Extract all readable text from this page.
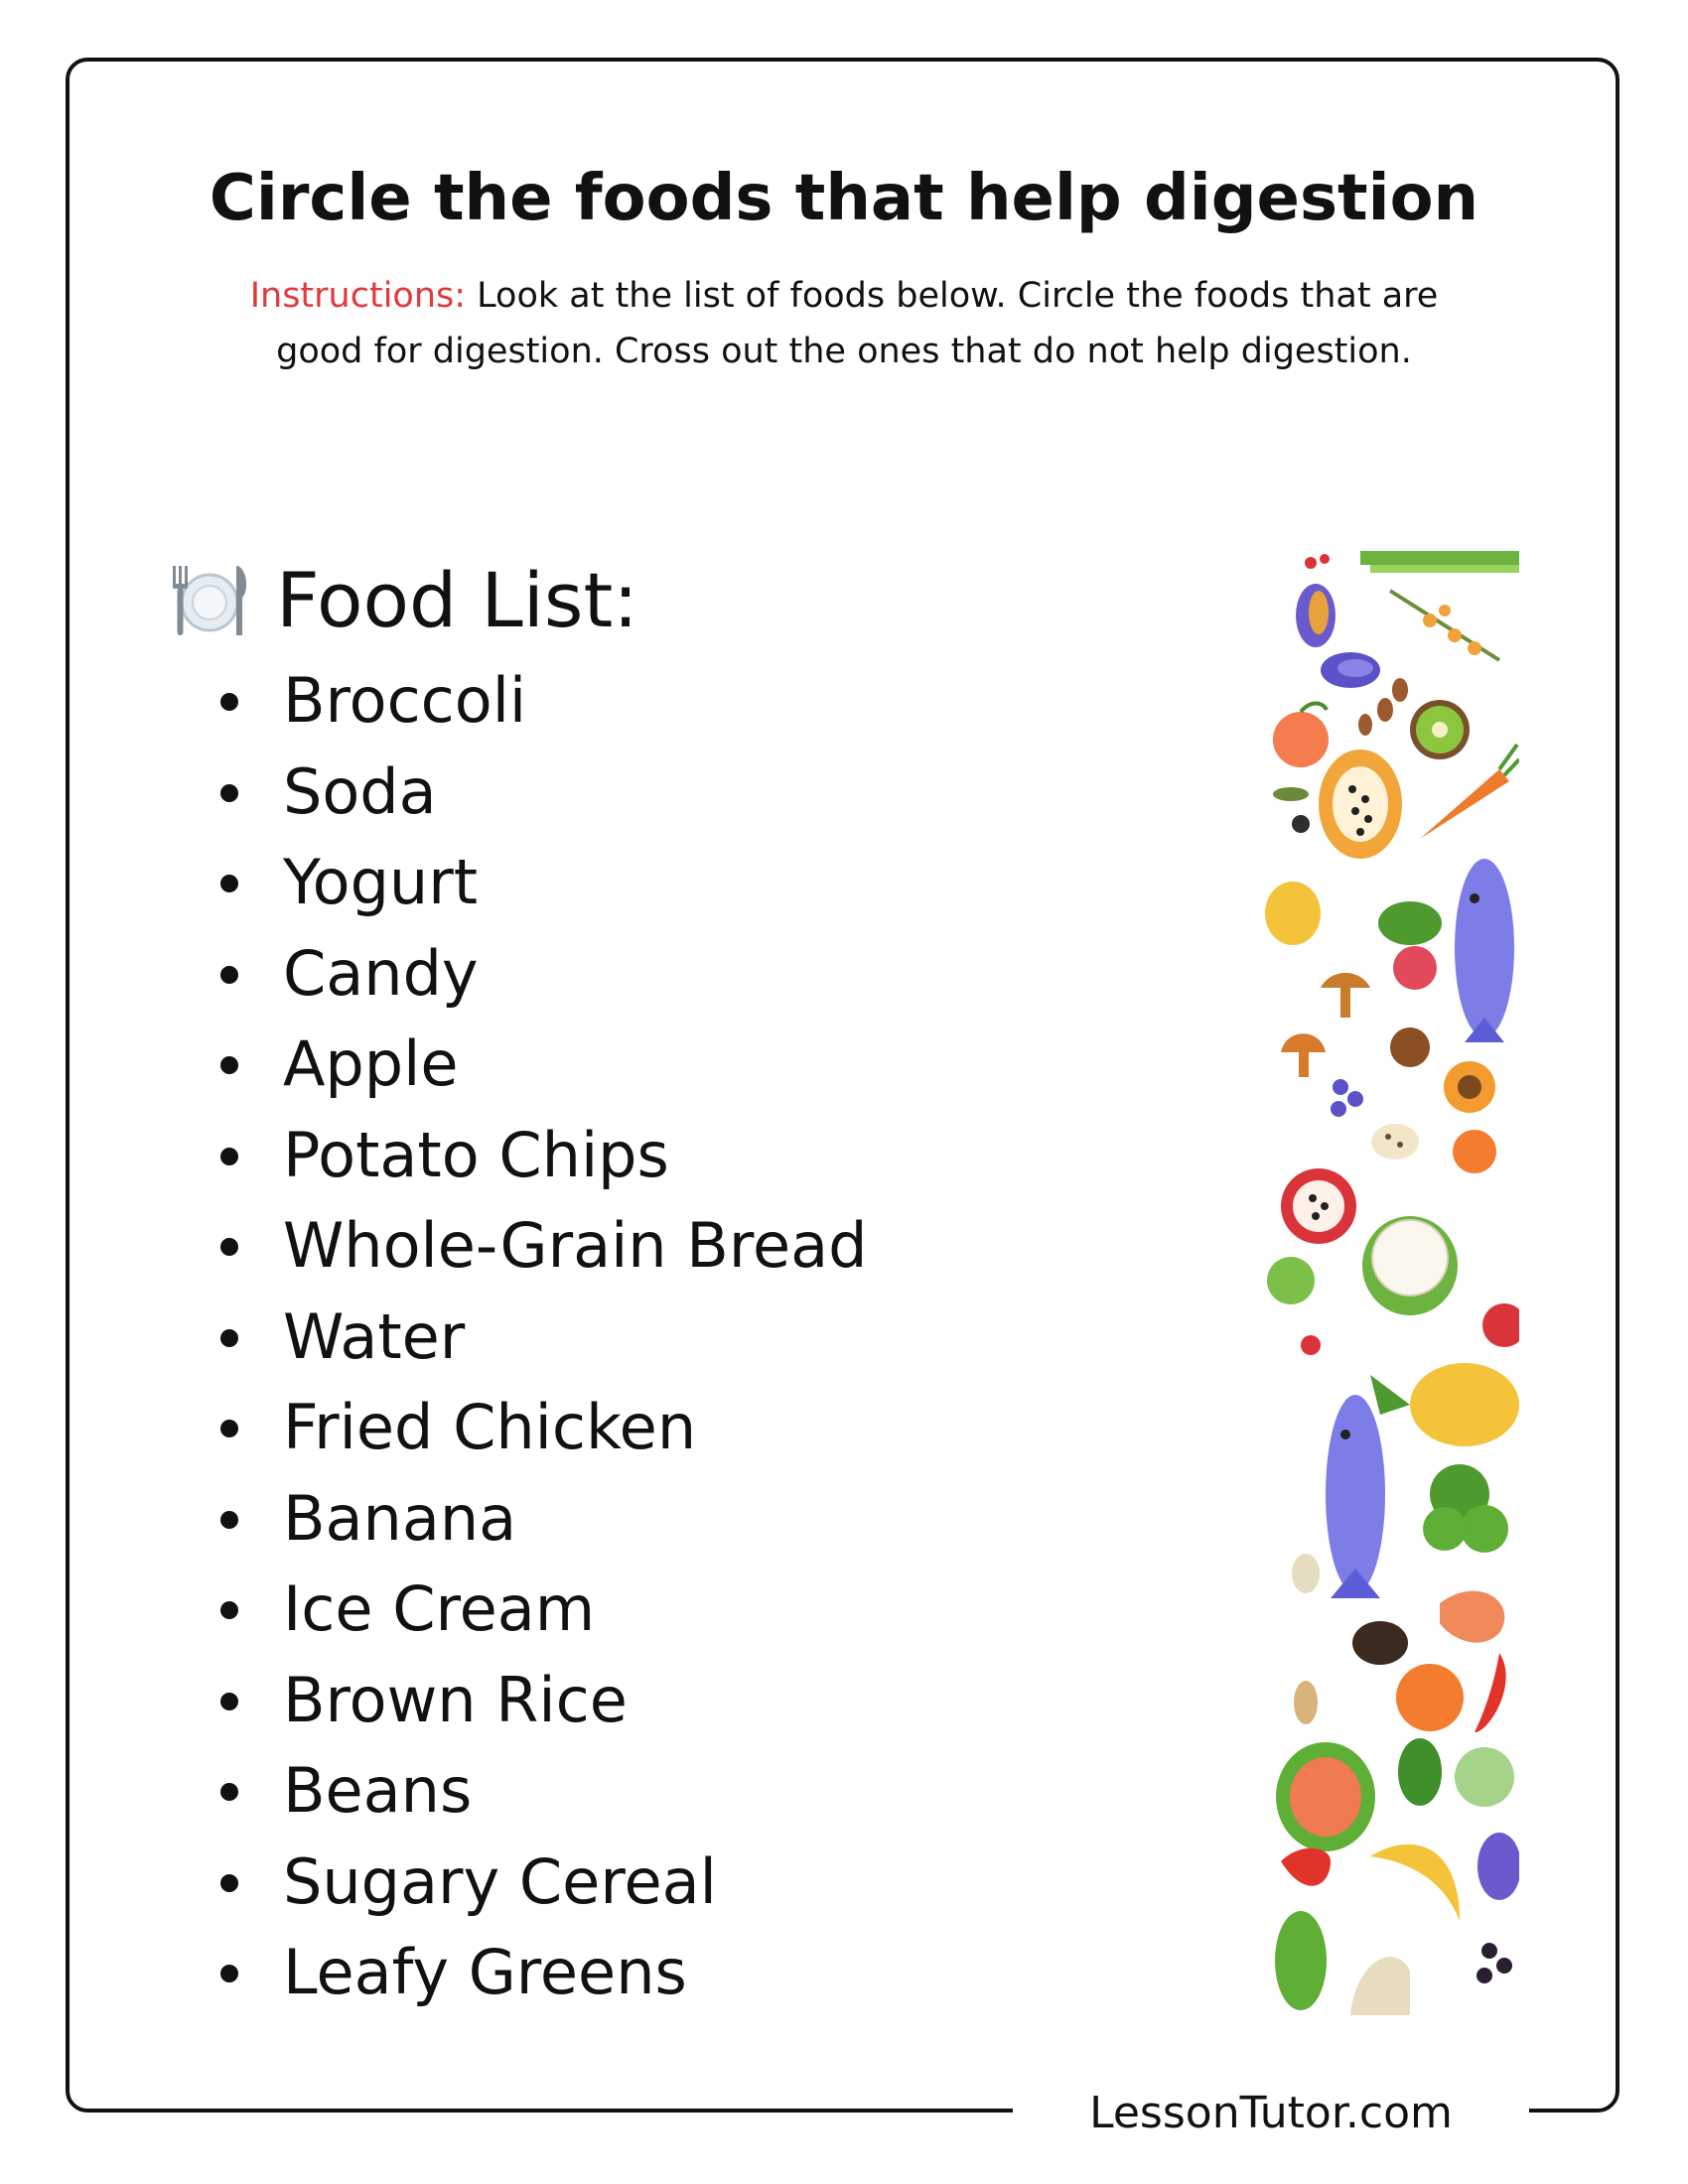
Circle the foods that help digestion

Instructions: Look at the list of foods below. Circle the foods that are good for digestion. Cross out the ones that do not help digestion.

Food List:
Broccoli
Soda
Yogurt
Candy
Apple
Potato Chips
Whole-Grain Bread
Water
Fried Chicken
Banana
Ice Cream
Brown Rice
Beans
Sugary Cereal
Leafy Greens
LessonTutor.com
